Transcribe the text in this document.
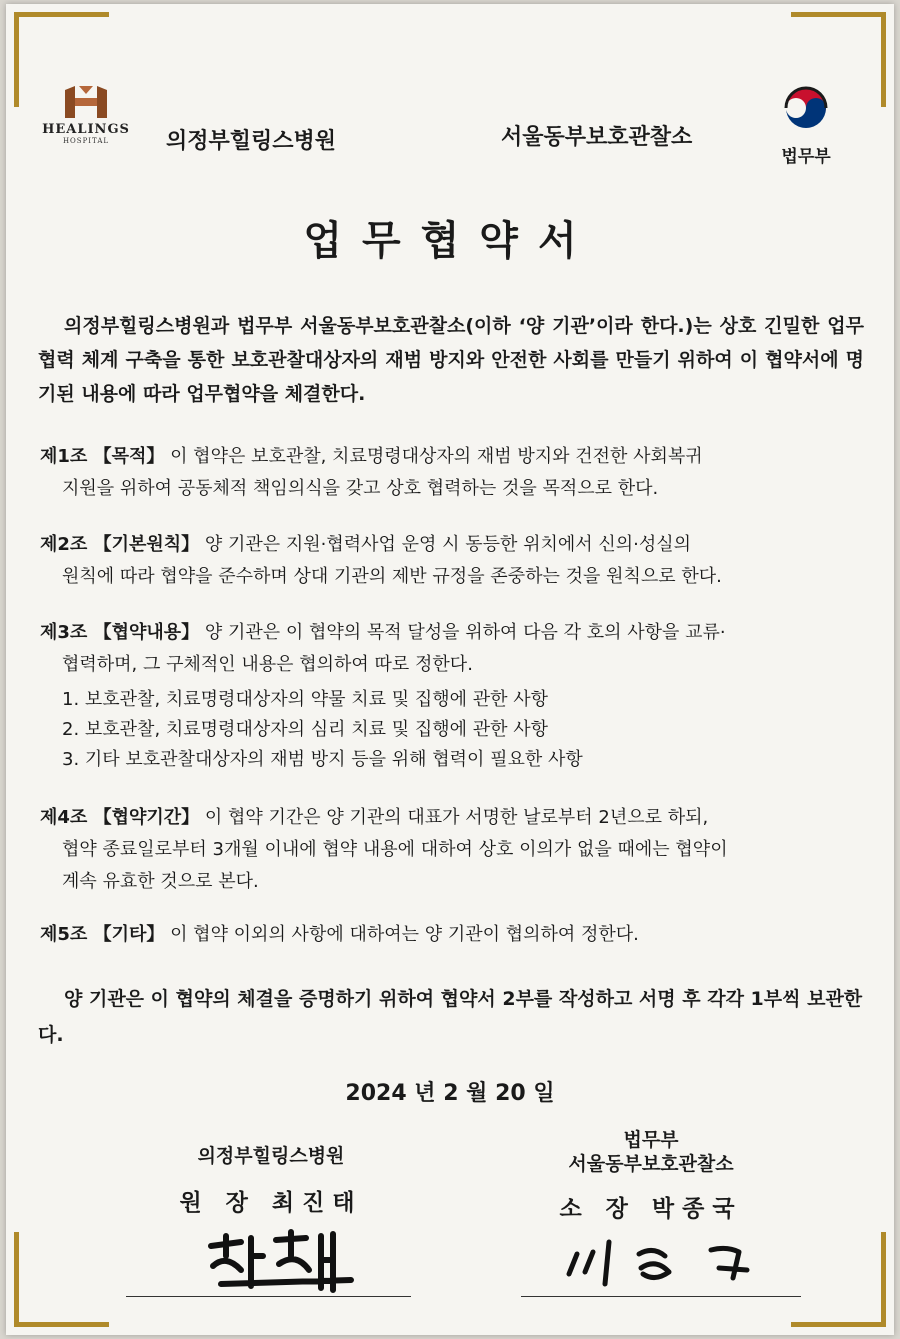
HEALINGS
HOSPITAL	의정부힐링스병원	서울동부보호관찰소
법무부
업무협약서
의정부힐링스병원과 법무부 서울동부보호관찰소(이하 ‘양 기관’이라 한다.)는 상호 긴밀한 업무 협력 체계 구축을 통한 보호관찰대상자의 재범 방지와 안전한 사회를 만들기 위하여 이 협약서에 명기된 내용에 따라 업무협약을 체결한다.
제1조 【목적】 이 협약은 보호관찰, 치료명령대상자의 재범 방지와 건전한 사회복귀
지원을 위하여 공동체적 책임의식을 갖고 상호 협력하는 것을 목적으로 한다.
제2조 【기본원칙】 양 기관은 지원·협력사업 운영 시 동등한 위치에서 신의·성실의
원칙에 따라 협약을 준수하며 상대 기관의 제반 규정을 존중하는 것을 원칙으로 한다.
제3조 【협약내용】 양 기관은 이 협약의 목적 달성을 위하여 다음 각 호의 사항을 교류·
협력하며, 그 구체적인 내용은 협의하여 따로 정한다.
1. 보호관찰, 치료명령대상자의 약물 치료 및 집행에 관한 사항
2. 보호관찰, 치료명령대상자의 심리 치료 및 집행에 관한 사항
3. 기타 보호관찰대상자의 재범 방지 등을 위해 협력이 필요한 사항
제4조 【협약기간】 이 협약 기간은 양 기관의 대표가 서명한 날로부터 2년으로 하되,
협약 종료일로부터 3개월 이내에 협약 내용에 대하여 상호 이의가 없을 때에는 협약이
계속 유효한 것으로 본다.
제5조 【기타】 이 협약 이외의 사항에 대하여는 양 기관이 협의하여 정한다.
양 기관은 이 협약의 체결을 증명하기 위하여 협약서 2부를 작성하고 서명 후 각각 1부씩 보관한다.
2024 년 2 월 20 일
의정부힐링스병원
원 장 최진태
법무부
서울동부보호관찰소
소 장 박종국
